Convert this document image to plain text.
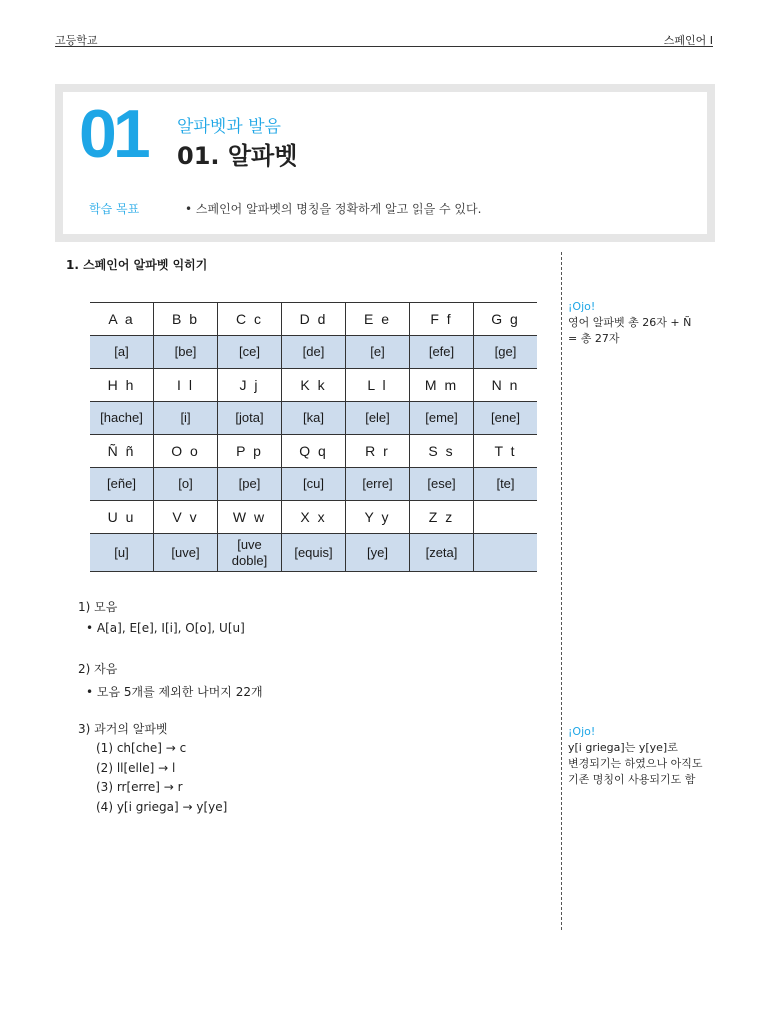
고등학교	스페인어 I
01 알파벳과 발음
01. 알파벳
학습 목표	• 스페인어 알파벳의 명칭을 정확하게 알고 읽을 수 있다.
1. 스페인어 알파벳 익히기
A a	B b	C c	D d	E e	F f	G g
[a]	[be]	[ce]	[de]	[e]	[efe]	[ge]
H h	I l	J j	K k	L l	M m	N n
[hache]	[i]	[jota]	[ka]	[ele]	[eme]	[ene]
Ñ ñ	O o	P p	Q q	R r	S s	T t
[eñe]	[o]	[pe]	[cu]	[erre]	[ese]	[te]
U u	V v	W w	X x	Y y	Z z	
[u]	[uve]	[uve doble]	[equis]	[ye]	[zeta]	
1) 모음
• A[a], E[e], I[i], O[o], U[u]
2) 자음
• 모음 5개를 제외한 나머지 22개
3) 과거의 알파벳
(1) ch[che] → c
(2) ll[elle] → l
(3) rr[erre] → r
(4) y[i griega] → y[ye]
¡Ojo!
영어 알파벳 총 26자 + Ñ
= 총 27자
¡Ojo!
y[i griega]는 y[ye]로
변경되기는 하였으나 아직도
기존 명칭이 사용되기도 함
